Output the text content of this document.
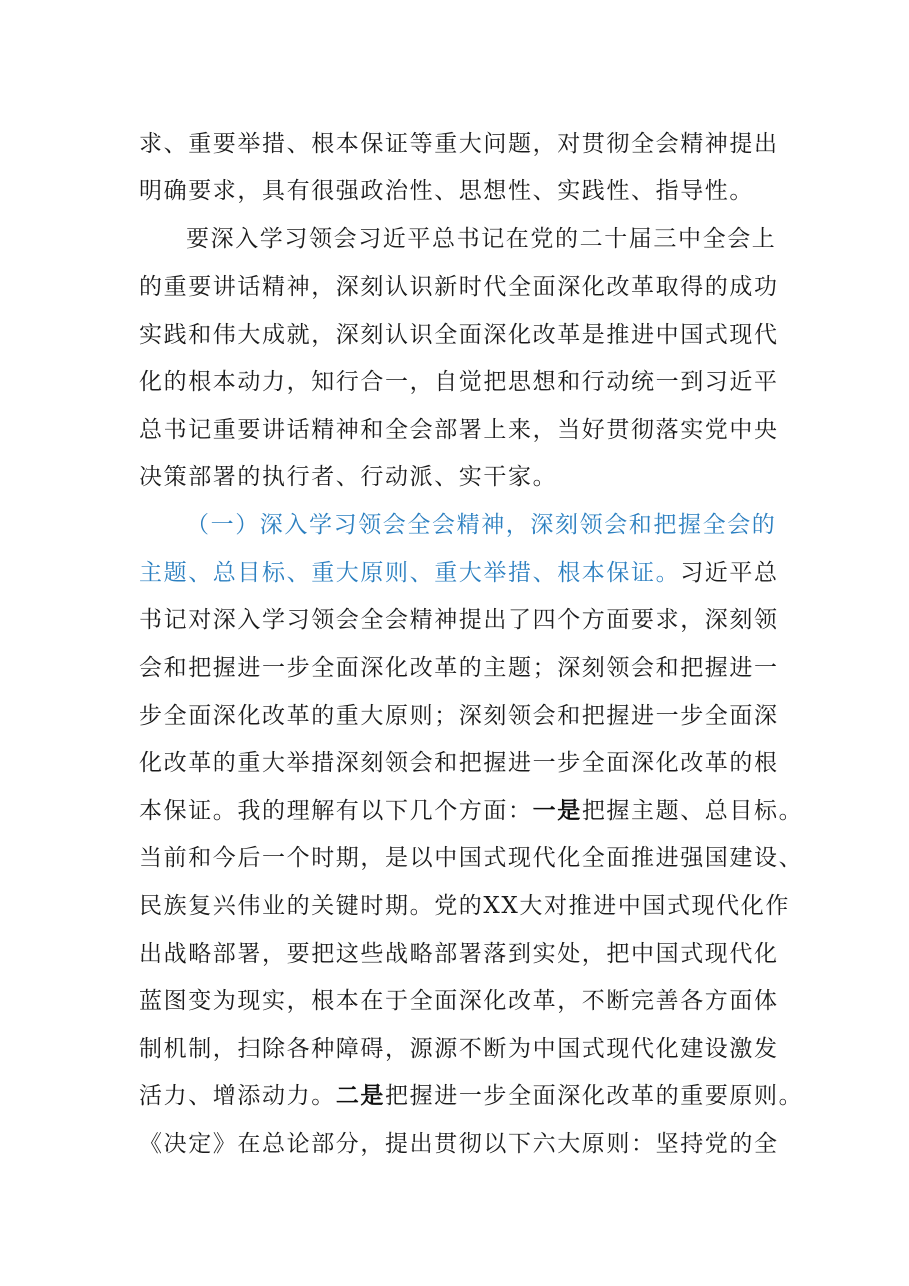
求、重要举措、根本保证等重大问题，对贯彻全会精神提出
明确要求，具有很强政治性、思想性、实践性、指导性。
要深入学习领会习近平总书记在党的二十届三中全会上
的重要讲话精神，深刻认识新时代全面深化改革取得的成功
实践和伟大成就，深刻认识全面深化改革是推进中国式现代
化的根本动力，知行合一，自觉把思想和行动统一到习近平
总书记重要讲话精神和全会部署上来，当好贯彻落实党中央
决策部署的执行者、行动派、实干家。
（一）深入学习领会全会精神，深刻领会和把握全会的
主题、总目标、重大原则、重大举措、根本保证。习近平总
书记对深入学习领会全会精神提出了四个方面要求，深刻领
会和把握进一步全面深化改革的主题；深刻领会和把握进一
步全面深化改革的重大原则；深刻领会和把握进一步全面深
化改革的重大举措深刻领会和把握进一步全面深化改革的根
本保证。我的理解有以下几个方面：一是把握主题、总目标。
当前和今后一个时期，是以中国式现代化全面推进强国建设、
民族复兴伟业的关键时期。党的XX大对推进中国式现代化作
出战略部署，要把这些战略部署落到实处，把中国式现代化
蓝图变为现实，根本在于全面深化改革，不断完善各方面体
制机制，扫除各种障碍，源源不断为中国式现代化建设激发
活力、增添动力。二是把握进一步全面深化改革的重要原则。
《决定》在总论部分，提出贯彻以下六大原则：坚持党的全
